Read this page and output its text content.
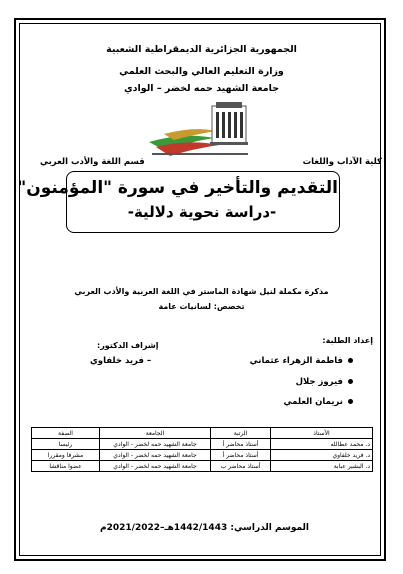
الجمهورية الجزائرية الديمقراطية الشعبية
وزارة التعليم العالي والبحث العلمي
جامعة الشهيد حمه لخضر – الوادي
كلية الآداب واللغات
قسم اللغة والأدب العربي
التقديم والتأخير في سورة "المؤمنون"
-دراسة نحوية دلالية-
مذكرة مكملة لنيل شهادة الماستر في اللغة العربية والأدب العربي
تخصص: لسانيات عامة
إعداد الطلبة:
إشراف الدكتور:
فاطمة الزهراء عثماني
فيروز جلال
نريمان العلمي
– فريد خلفاوي
الأستاذ	الرتبة	الجامعة	الصفة
د. محمد عطالله	أستاذ محاضر أ	جامعة الشهيد حمه لخضر - الوادي	رئيسا
د. فريد خلفاوي	أستاذ محاضر أ	جامعة الشهيد حمه لخضر - الوادي	مشرفا ومقررا
د. البشير عبابة	أستاذ محاضر ب	جامعة الشهيد حمه لخضر - الوادي	عضوا مناقشا
الموسم الدراسي: 1442/1443هـ–2021/2022م
